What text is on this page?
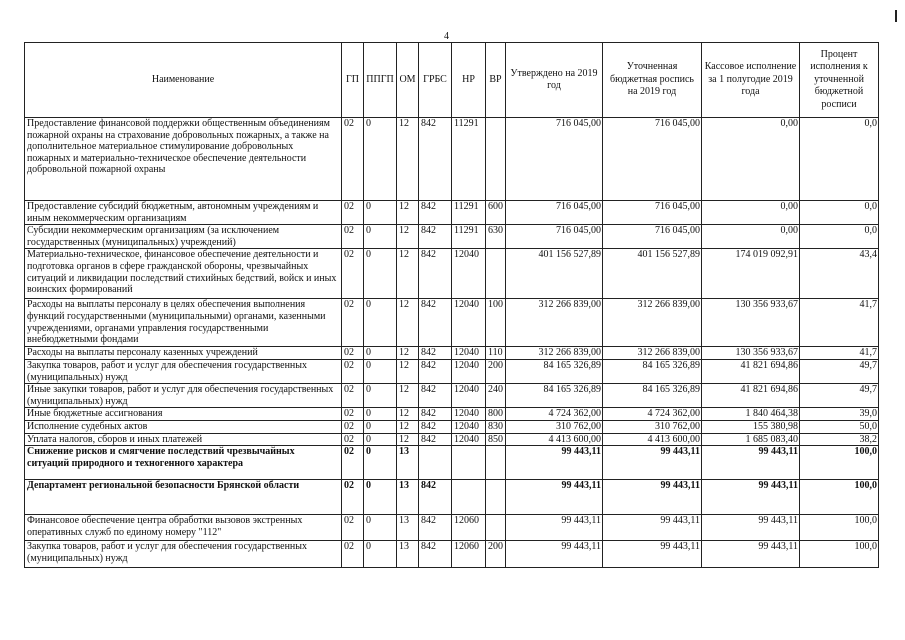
4
Наименование	ГП	ППГП	ОМ	ГРБС	НР	ВР	Утверждено на 2019 год	Уточненная бюджетная роспись на 2019 год	Кассовое исполнение за 1 полугодие 2019 года	Процент исполнения к уточненной бюджетной росписи
Предоставление финансовой поддержки общественным объединениям пожарной охраны на страхование добровольных пожарных, а также на дополнительное материальное стимулирование добровольных пожарных и материально-техническое обеспечение деятельности добровольной пожарной охраны	02	0	12	842	11291		716 045,00	716 045,00	0,00	0,0
Предоставление субсидий бюджетным, автономным учреждениям и иным некоммерческим организациям	02	0	12	842	11291	600	716 045,00	716 045,00	0,00	0,0
Субсидии некоммерческим организациям (за исключением государственных (муниципальных) учреждений)	02	0	12	842	11291	630	716 045,00	716 045,00	0,00	0,0
Материально-техническое, финансовое обеспечение деятельности и подготовка органов в сфере гражданской обороны, чрезвычайных ситуаций и ликвидации последствий стихийных бедствий, войск и иных воинских формирований	02	0	12	842	12040		401 156 527,89	401 156 527,89	174 019 092,91	43,4
Расходы на выплаты персоналу в целях обеспечения выполнения функций государственными (муниципальными) органами, казенными учреждениями, органами управления государственными внебюджетными фондами	02	0	12	842	12040	100	312 266 839,00	312 266 839,00	130 356 933,67	41,7
Расходы на выплаты персоналу казенных учреждений	02	0	12	842	12040	110	312 266 839,00	312 266 839,00	130 356 933,67	41,7
Закупка товаров, работ и услуг для обеспечения государственных (муниципальных) нужд	02	0	12	842	12040	200	84 165 326,89	84 165 326,89	41 821 694,86	49,7
Иные закупки товаров, работ и услуг для обеспечения государственных (муниципальных) нужд	02	0	12	842	12040	240	84 165 326,89	84 165 326,89	41 821 694,86	49,7
Иные бюджетные ассигнования	02	0	12	842	12040	800	4 724 362,00	4 724 362,00	1 840 464,38	39,0
Исполнение судебных актов	02	0	12	842	12040	830	310 762,00	310 762,00	155 380,98	50,0
Уплата налогов, сборов и иных платежей	02	0	12	842	12040	850	4 413 600,00	4 413 600,00	1 685 083,40	38,2
Снижение рисков и смягчение последствий чрезвычайных ситуаций природного и техногенного характера	02	0	13				99 443,11	99 443,11	99 443,11	100,0
Департамент региональной безопасности Брянской области	02	0	13	842			99 443,11	99 443,11	99 443,11	100,0
Финансовое обеспечение центра обработки вызовов экстренных оперативных служб по единому номеру "112"	02	0	13	842	12060		99 443,11	99 443,11	99 443,11	100,0
Закупка товаров, работ и услуг для обеспечения государственных (муниципальных) нужд	02	0	13	842	12060	200	99 443,11	99 443,11	99 443,11	100,0
